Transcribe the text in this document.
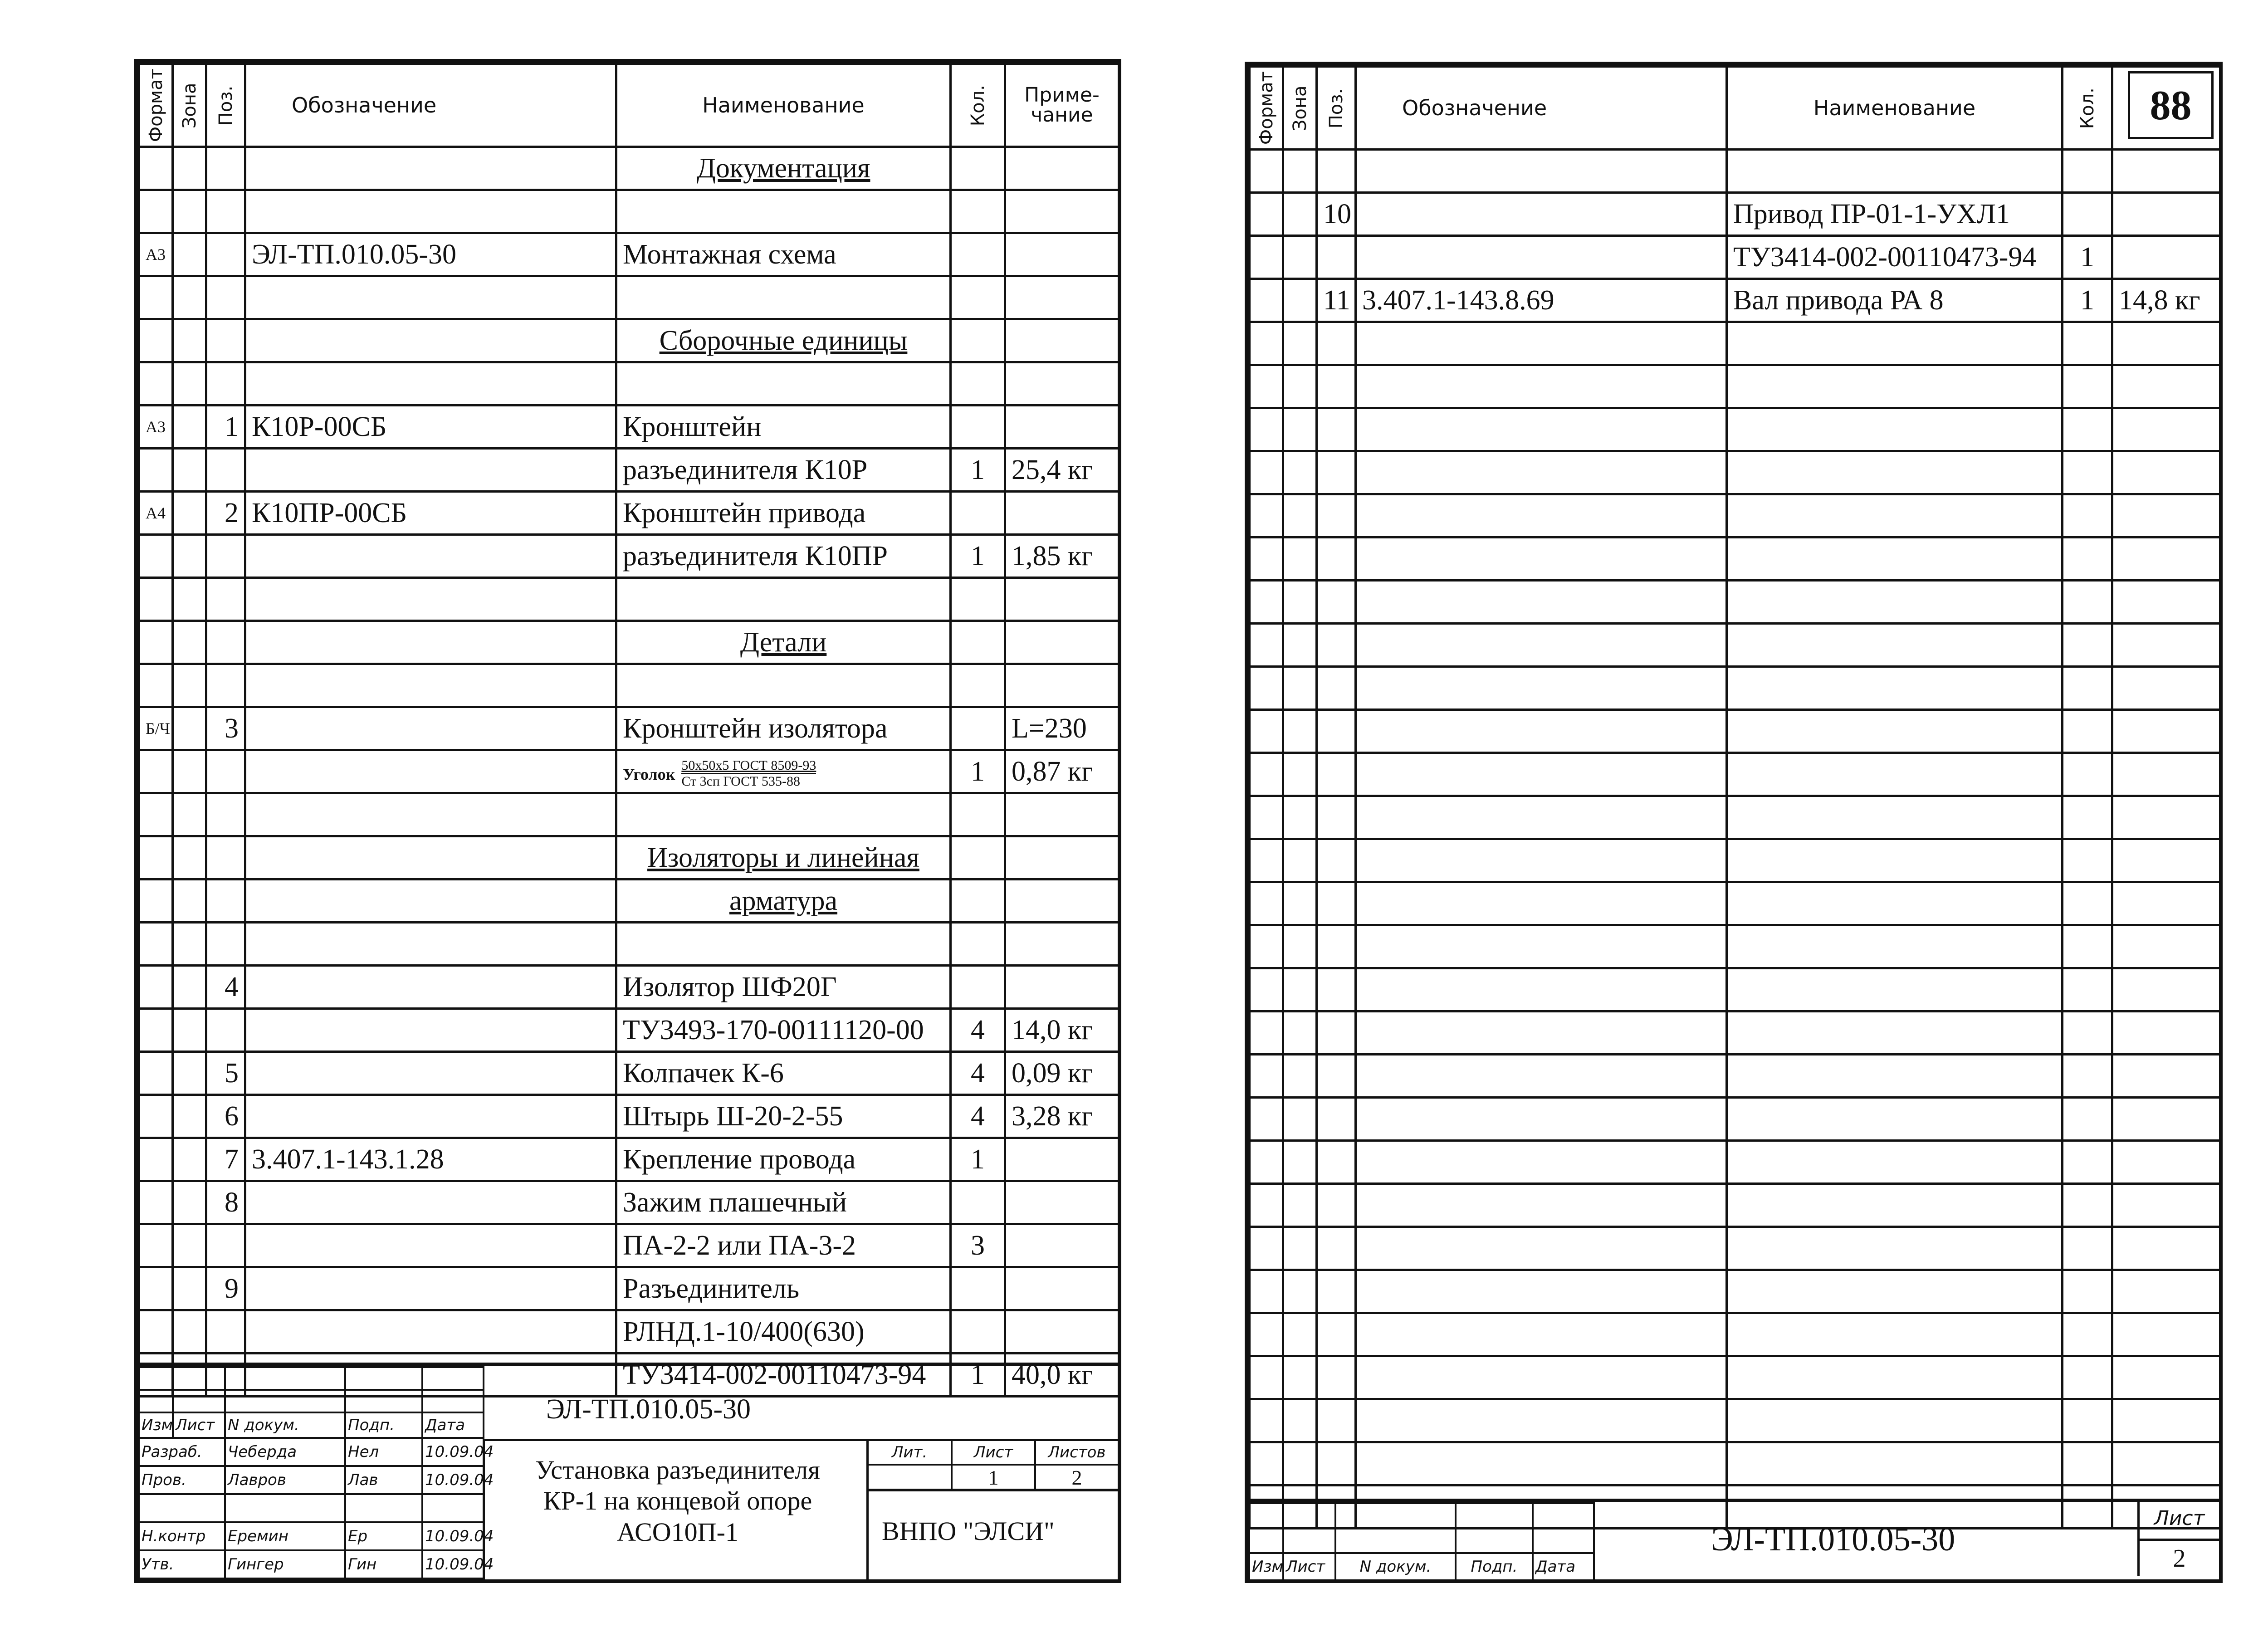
Формат	Зона	Поз.	Обозначение	Наименование	Кол.	Приме- чание
				Документация		

А3			ЭЛ-ТП.010.05-30	Монтажная схема		

				Сборочные единицы		

А3		1	К10Р-00СБ	Кронштейн		
				разъединителя К10Р	1	25,4 кг
А4		2	К10ПР-00СБ	Кронштейн привода		
				разъединителя К10ПР	1	1,85 кг

				Детали		

Б/Ч		3		Кронштейн изолятора		L=230
				Уголок $\frac{\text{50х50х5 ГОСТ 8509-93}}{\text{Ст 3сп ГОСТ 535-88}}$	1	0,87 кг

				Изоляторы и линейная		
				арматура		

		4		Изолятор ШФ20Г		
				ТУ3493-170-00111120-00	4	14,0 кг
		5		Колпачек К-6	4	0,09 кг
		6		Штырь Ш-20-2-55	4	3,28 кг
		7	3.407.1-143.1.28	Крепление провода	1	
		8		Зажим плашечный		
				ПА-2-2 или ПА-3-2	3	
		9		Разъединитель		
				РЛНД.1-10/400(630)		
				ТУ3414-002-00110473-94	1	40,0 кг

Изм	Лист	N докум.	Подп.	Дата
Разраб.		Чеберда	Hел	10.09.04
Пров.		Лавров	Лав	10.09.04

Н.контр		Еремин	Ер	10.09.04
Утв.		Гингер	Гин	10.09.04
ЭЛ-ТП.010.05-30
Установка разъединителя
КР-1 на концевой опоре
АСО10П-1
Лит.	Лист	Листов
	1	2
ВНПО "ЭЛСИ"
Формат	Зона	Поз.	Обозначение	Наименование	Кол.	88

		10		Привод ПР-01-1-УХЛ1		
				ТУ3414-002-00110473-94	1	
		11	3.407.1-143.8.69	Вал привода РА 8	1	14,8 кг

Изм	Лист	N докум.	Подп.	Дата
ЭЛ-ТП.010.05-30
Лист
2
